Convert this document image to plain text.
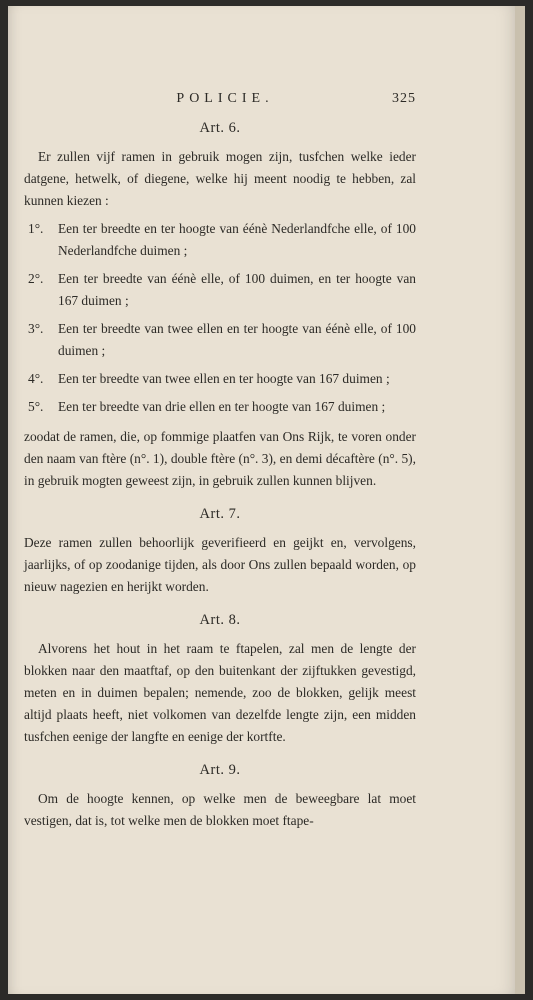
POLICIE.	325
Art. 6.

Er zullen vijf ramen in gebruik mogen zijn, tusfchen welke ieder datgene, hetwelk, of diegene, welke hij meent noodig te hebben, zal kunnen kiezen :

1°.	Een ter breedte en ter hoogte van éénè Nederlandfche elle, of 100 Nederlandfche duimen ;
2°.	Een ter breedte van éénè elle, of 100 duimen, en ter hoogte van 167 duimen ;
3°.	Een ter breedte van twee ellen en ter hoogte van éénè elle, of 100 duimen ;
4°.	Een ter breedte van twee ellen en ter hoogte van 167 duimen ;
5°.	Een ter breedte van drie ellen en ter hoogte van 167 duimen ;

zoodat de ramen, die, op fommige plaatfen van Ons Rijk, te voren onder den naam van ftère (n°. 1), double ftère (n°. 3), en demi décaftère (n°. 5), in gebruik mogten geweest zijn, in gebruik zullen kunnen blijven.

Art. 7.

Deze ramen zullen behoorlijk geverifieerd en geijkt en, vervolgens, jaarlijks, of op zoodanige tijden, als door Ons zullen bepaald worden, op nieuw nagezien en herijkt worden.

Art. 8.

Alvorens het hout in het raam te ftapelen, zal men de lengte der blokken naar den maatftaf, op den buitenkant der zijftukken gevestigd, meten en in duimen bepalen; nemende, zoo de blokken, gelijk meest altijd plaats heeft, niet volkomen van dezelfde lengte zijn, een midden tusfchen eenige der langfte en eenige der kortfte.

Art. 9.

Om de hoogte kennen, op welke men de beweegbare lat moet vestigen, dat is, tot welke men de blokken moet ftape-
